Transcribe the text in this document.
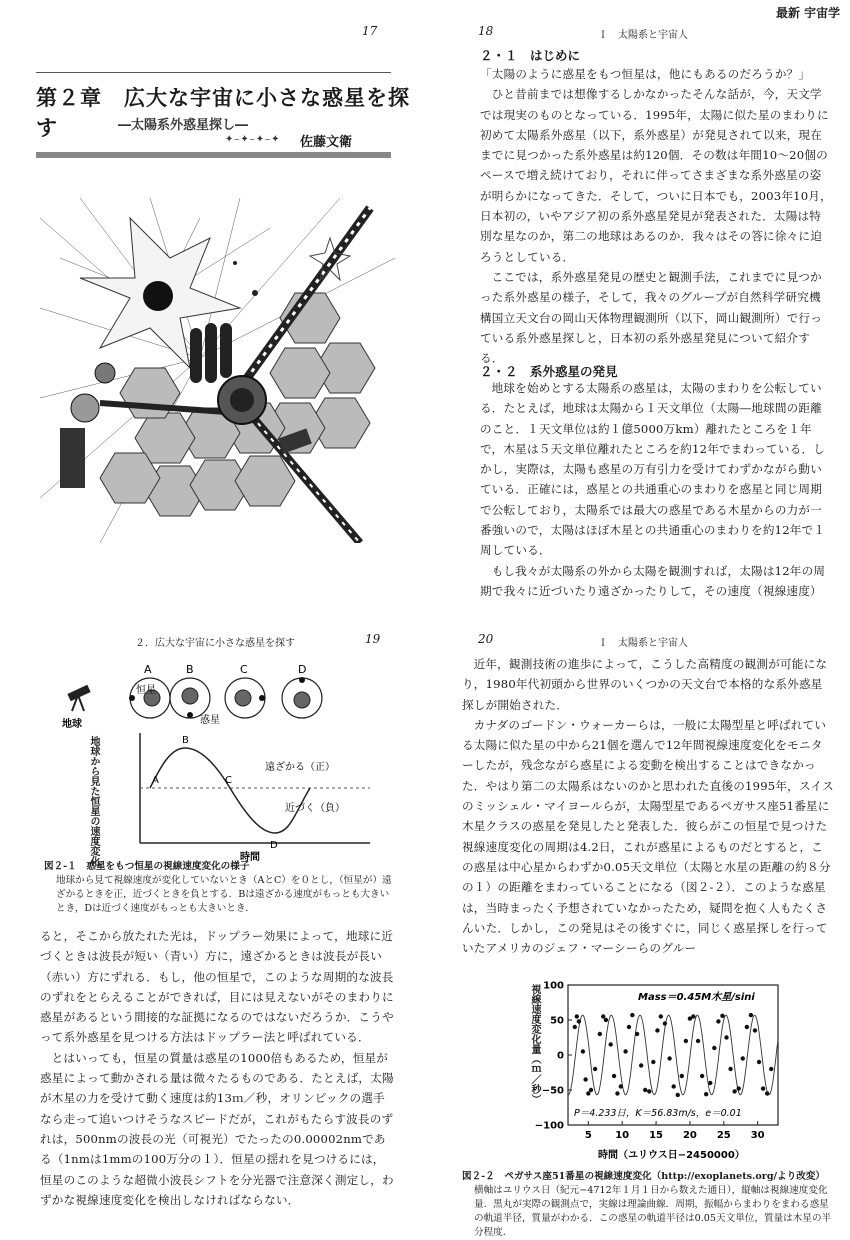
最新 宇宙学
17
第２章　広大な宇宙に小さな惑星を探す	―太陽系外惑星探し―
✦–✦–✦–✦ 佐藤文衛
18	Ｉ　太陽系と宇宙人
２・１　はじめに

「太陽のように惑星をもつ恒星は，他にもあるのだろうか？」

ひと昔前までは想像するしかなかったそんな話が，今，天文学では現実のものとなっている．1995年，太陽に似た星のまわりに初めて太陽系外惑星（以下，系外惑星）が発見されて以来，現在までに見つかった系外惑星は約120個．その数は年間10〜20個のペースで増え続けており，それに伴ってさまざまな系外惑星の姿が明らかになってきた．そして，ついに日本でも，2003年10月，日本初の，いやアジア初の系外惑星発見が発表された．太陽は特別な星なのか，第二の地球はあるのか．我々はその答に徐々に迫ろうとしている．

ここでは，系外惑星発見の歴史と観測手法，これまでに見つかった系外惑星の様子，そして，我々のグループが自然科学研究機構国立天文台の岡山天体物理観測所（以下，岡山観測所）で行っている系外惑星探しと，日本初の系外惑星発見について紹介する．

２・２　系外惑星の発見

地球を始めとする太陽系の惑星は，太陽のまわりを公転している．たとえば，地球は太陽から１天文単位（太陽―地球間の距離のこと．１天文単位は約１億5000万km）離れたところを１年で，木星は５天文単位離れたところを約12年でまわっている．しかし，実際は，太陽も惑星の万有引力を受けてわずかながら動いている．正確には，惑星との共通重心のまわりを惑星と同じ周期で公転しており，太陽系では最大の惑星である木星からの力が一番強いので，太陽はほぼ木星との共通重心のまわりを約12年で１周している．

もし我々が太陽系の外から太陽を観測すれば，太陽は12年の周期で我々に近づいたり遠ざかったりして，その速度（視線速度）

２．広大な宇宙に小さな惑星を探す	19
A	B	C	D
恒星
惑星
地球
A
B
C
D
遠ざかる（正）
近づく（負）
時間
地球から見た恒星の速度変化
図２-１　惑星をもつ恒星の視線速度変化の様子
地球から見て視線速度が変化していないとき（AとC）を０とし，（恒星が）遠ざかるときを正，近づくときを負とする．Bは遠ざかる速度がもっとも大きいとき，Dは近づく速度がもっとも大きいとき．

ると，そこから放たれた光は，ドップラー効果によって，地球に近づくときは波長が短い（青い）方に，遠ざかるときは波長が長い（赤い）方にずれる．もし，他の恒星で，このような周期的な波長のずれをとらえることができれば，目には見えないがそのまわりに惑星があるという間接的な証拠になるのではないだろうか．こうやって系外惑星を見つける方法はドップラー法と呼ばれている．

とはいっても，恒星の質量は惑星の1000倍もあるため，恒星が惑星によって動かされる量は微々たるものである．たとえば，太陽が木星の力を受けて動く速度は約13ｍ／秒，オリンピックの選手なら走って追いつけそうなスピードだが，これがもたらす波長のずれは，500nmの波長の光（可視光）でたったの0.00002nmである（1nmは1mmの100万分の１）．恒星の揺れを見つけるには，恒星のこのような超微小波長シフトを分光器で注意深く測定し，わずかな視線速度変化を検出しなければならない．

20	Ｉ　太陽系と宇宙人

近年，観測技術の進歩によって，こうした高精度の観測が可能になり，1980年代初頭から世界のいくつかの天文台で本格的な系外惑星探しが開始された．

カナダのゴードン・ウォーカーらは，一般に太陽型星と呼ばれている太陽に似た星の中から21個を選んで12年間視線速度変化をモニターしたが，残念ながら惑星による変動を検出することはできなかった．やはり第二の太陽系はないのかと思われた直後の1995年，スイスのミッシェル・マイヨールらが，太陽型星であるペガサス座51番星に木星クラスの惑星を発見したと発表した．彼らがこの恒星で見つけた視線速度変化の周期は4.2日，これが惑星によるものだとすると，この惑星は中心星からわずか0.05天文単位（太陽と水星の距離の約８分の１）の距離をまわっていることになる（図２-２）．このような惑星は，当時まったく予想されていなかったため，疑問を抱く人もたくさんいた．しかし，この発見はその後すぐに，同じく惑星探しを行っていたアメリカのジェフ・マーシーらのグルー

5 10 15 20 25 30
−100
−50
0
50
100
Mass＝0.45M木星/sini
P＝4.233日，K＝56.83m/s，e＝0.01
時間（ユリウス日−2450000）
視線速度変化量（ｍ／秒）
図２-２　ペガサス座51番星の視線速度変化（http://exoplanets.org/より改変）
横軸はユリウス日（紀元−4712年１月１日から数えた通日），縦軸は視線速度変化量．黒丸が実際の観測点で，実線は理論曲線．周期，振幅からまわりをまわる惑星の軌道半径，質量がわかる．この惑星の軌道半径は0.05天文単位，質量は木星の半分程度．
